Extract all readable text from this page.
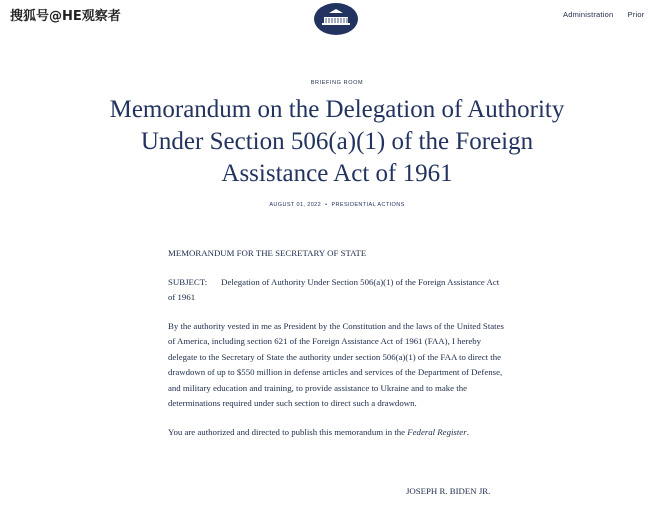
搜狐号@HE观察者	Administration Prior
BRIEFING ROOM
Memorandum on the Delegation of Authority Under Section 506(a)(1) of the Foreign Assistance Act of 1961
AUGUST 01, 2022 • PRESIDENTIAL ACTIONS

MEMORANDUM FOR THE SECRETARY OF STATE

SUBJECT: Delegation of Authority Under Section 506(a)(1) of the Foreign Assistance Act of 1961

By the authority vested in me as President by the Constitution and the laws of the United States of America, including section 621 of the Foreign Assistance Act of 1961 (FAA), I hereby delegate to the Secretary of State the authority under section 506(a)(1) of the FAA to direct the drawdown of up to $550 million in defense articles and services of the Department of Defense, and military education and training, to provide assistance to Ukraine and to make the determinations required under such section to direct such a drawdown.

You are authorized and directed to publish this memorandum in the Federal Register.

JOSEPH R. BIDEN JR.
